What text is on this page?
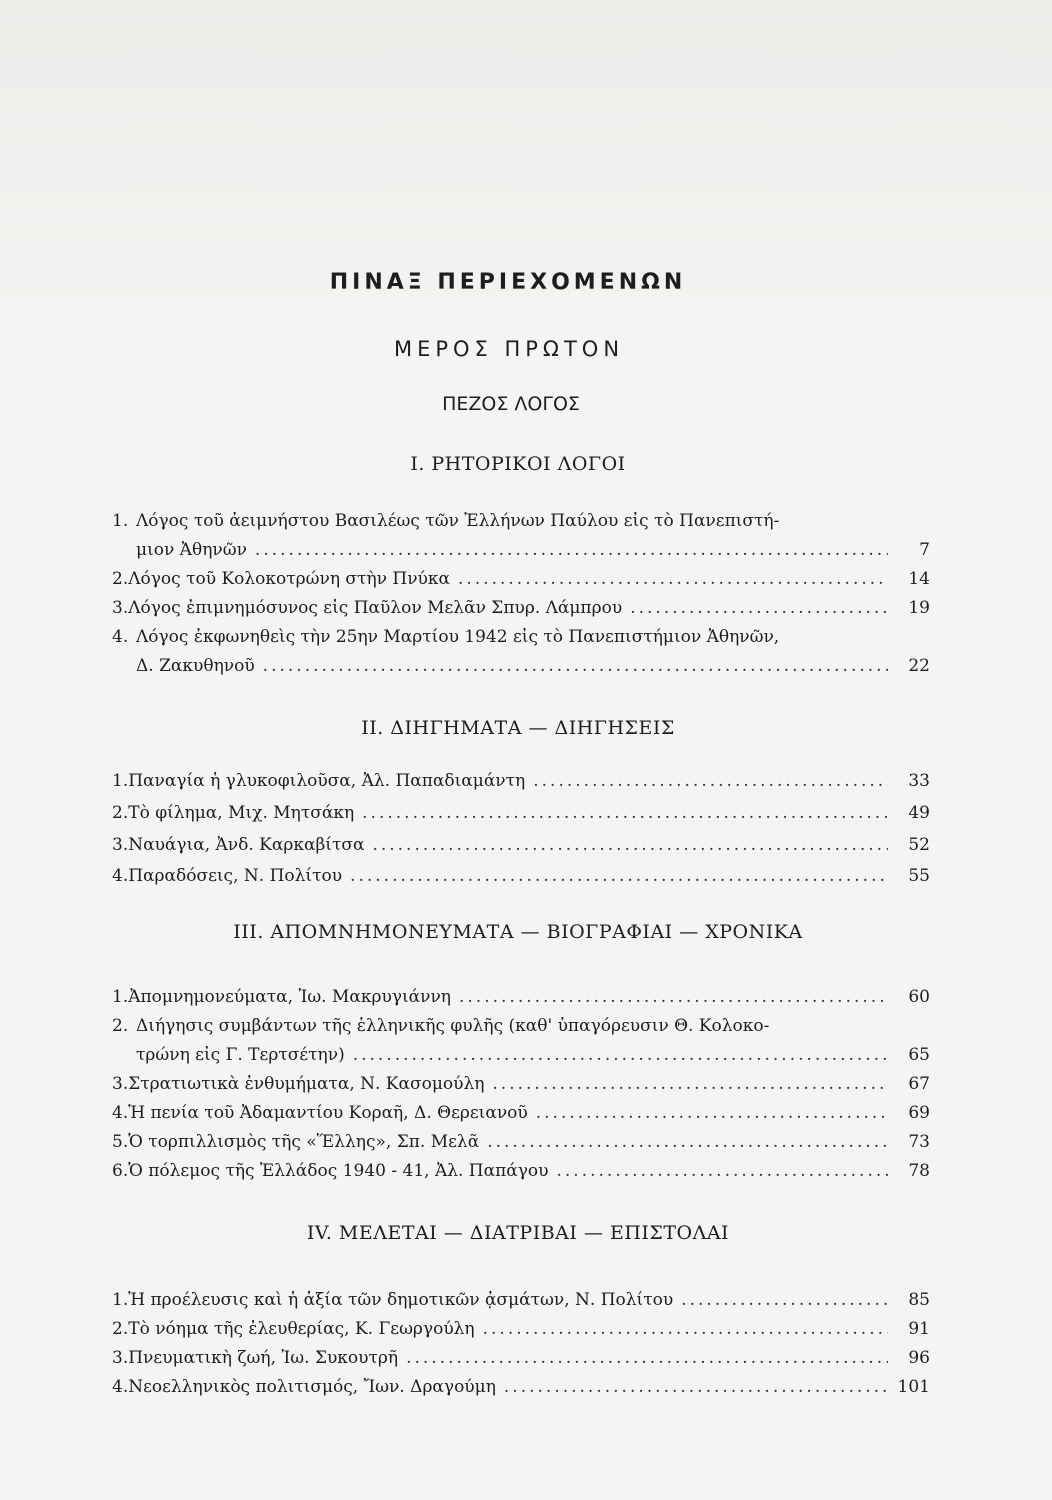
ΠΙΝΑΞ ΠΕΡΙΕΧΟΜΕΝΩΝ
ΜΕΡΟΣ ΠΡΩΤΟΝ
ΠΕΖΟΣ ΛΟΓΟΣ
I. ΡΗΤΟΡΙΚΟΙ ΛΟΓΟΙ
1. Λόγος τοῦ ἀειμνήστου Βασιλέως τῶν Ἑλλήνων Παύλου εἰς τὸ Πανεπιστή-
μιον Ἀθηνῶν .....	7
2. Λόγος τοῦ Κολοκοτρώνη στὴν Πνύκα .....	14
3. Λόγος ἐπιμνημόσυνος εἰς Παῦλον Μελᾶν Σπυρ. Λάμπρου .....	19
4. Λόγος ἐκφωνηθεὶς τὴν 25ην Μαρτίου 1942 εἰς τὸ Πανεπιστήμιον Ἀθηνῶν,
Δ. Ζακυθηνοῦ .....	22
II. ΔΙΗΓΗΜΑΤΑ — ΔΙΗΓΗΣΕΙΣ
1. Παναγία ἡ γλυκοφιλοῦσα, Ἀλ. Παπαδιαμάντη .....	33
2. Τὸ φίλημα, Μιχ. Μητσάκη .....	49
3. Ναυάγια, Ἀνδ. Καρκαβίτσα .....	52
4. Παραδόσεις, Ν. Πολίτου .....	55
III. ΑΠΟΜΝΗΜΟΝΕΥΜΑΤΑ — ΒΙΟΓΡΑΦΙΑΙ — ΧΡΟΝΙΚΑ
1. Ἀπομνημονεύματα, Ἰω. Μακρυγιάννη .....	60
2. Διήγησις συμβάντων τῆς ἑλληνικῆς φυλῆς (καθ' ὑπαγόρευσιν Θ. Κολοκο-
τρώνη εἰς Γ. Τερτσέτην) .....	65
3. Στρατιωτικὰ ἐνθυμήματα, Ν. Κασομούλη .....	67
4. Ἡ πενία τοῦ Ἀδαμαντίου Κοραῆ, Δ. Θερειανοῦ .....	69
5. Ὁ τορπιλλισμὸς τῆς «Ἕλλης», Σπ. Μελᾶ .....	73
6. Ὁ πόλεμος τῆς Ἑλλάδος 1940 - 41, Ἀλ. Παπάγου .....	78
IV. ΜΕΛΕΤΑΙ — ΔΙΑΤΡΙΒΑΙ — ΕΠΙΣΤΟΛΑΙ
1. Ἡ προέλευσις καὶ ἡ ἀξία τῶν δημοτικῶν ᾀσμάτων, Ν. Πολίτου .....	85
2. Τὸ νόημα τῆς ἐλευθερίας, Κ. Γεωργούλη .....	91
3. Πνευματικὴ ζωή, Ἰω. Συκουτρῆ .....	96
4. Νεοελληνικὸς πολιτισμός, Ἴων. Δραγούμη .....	101
